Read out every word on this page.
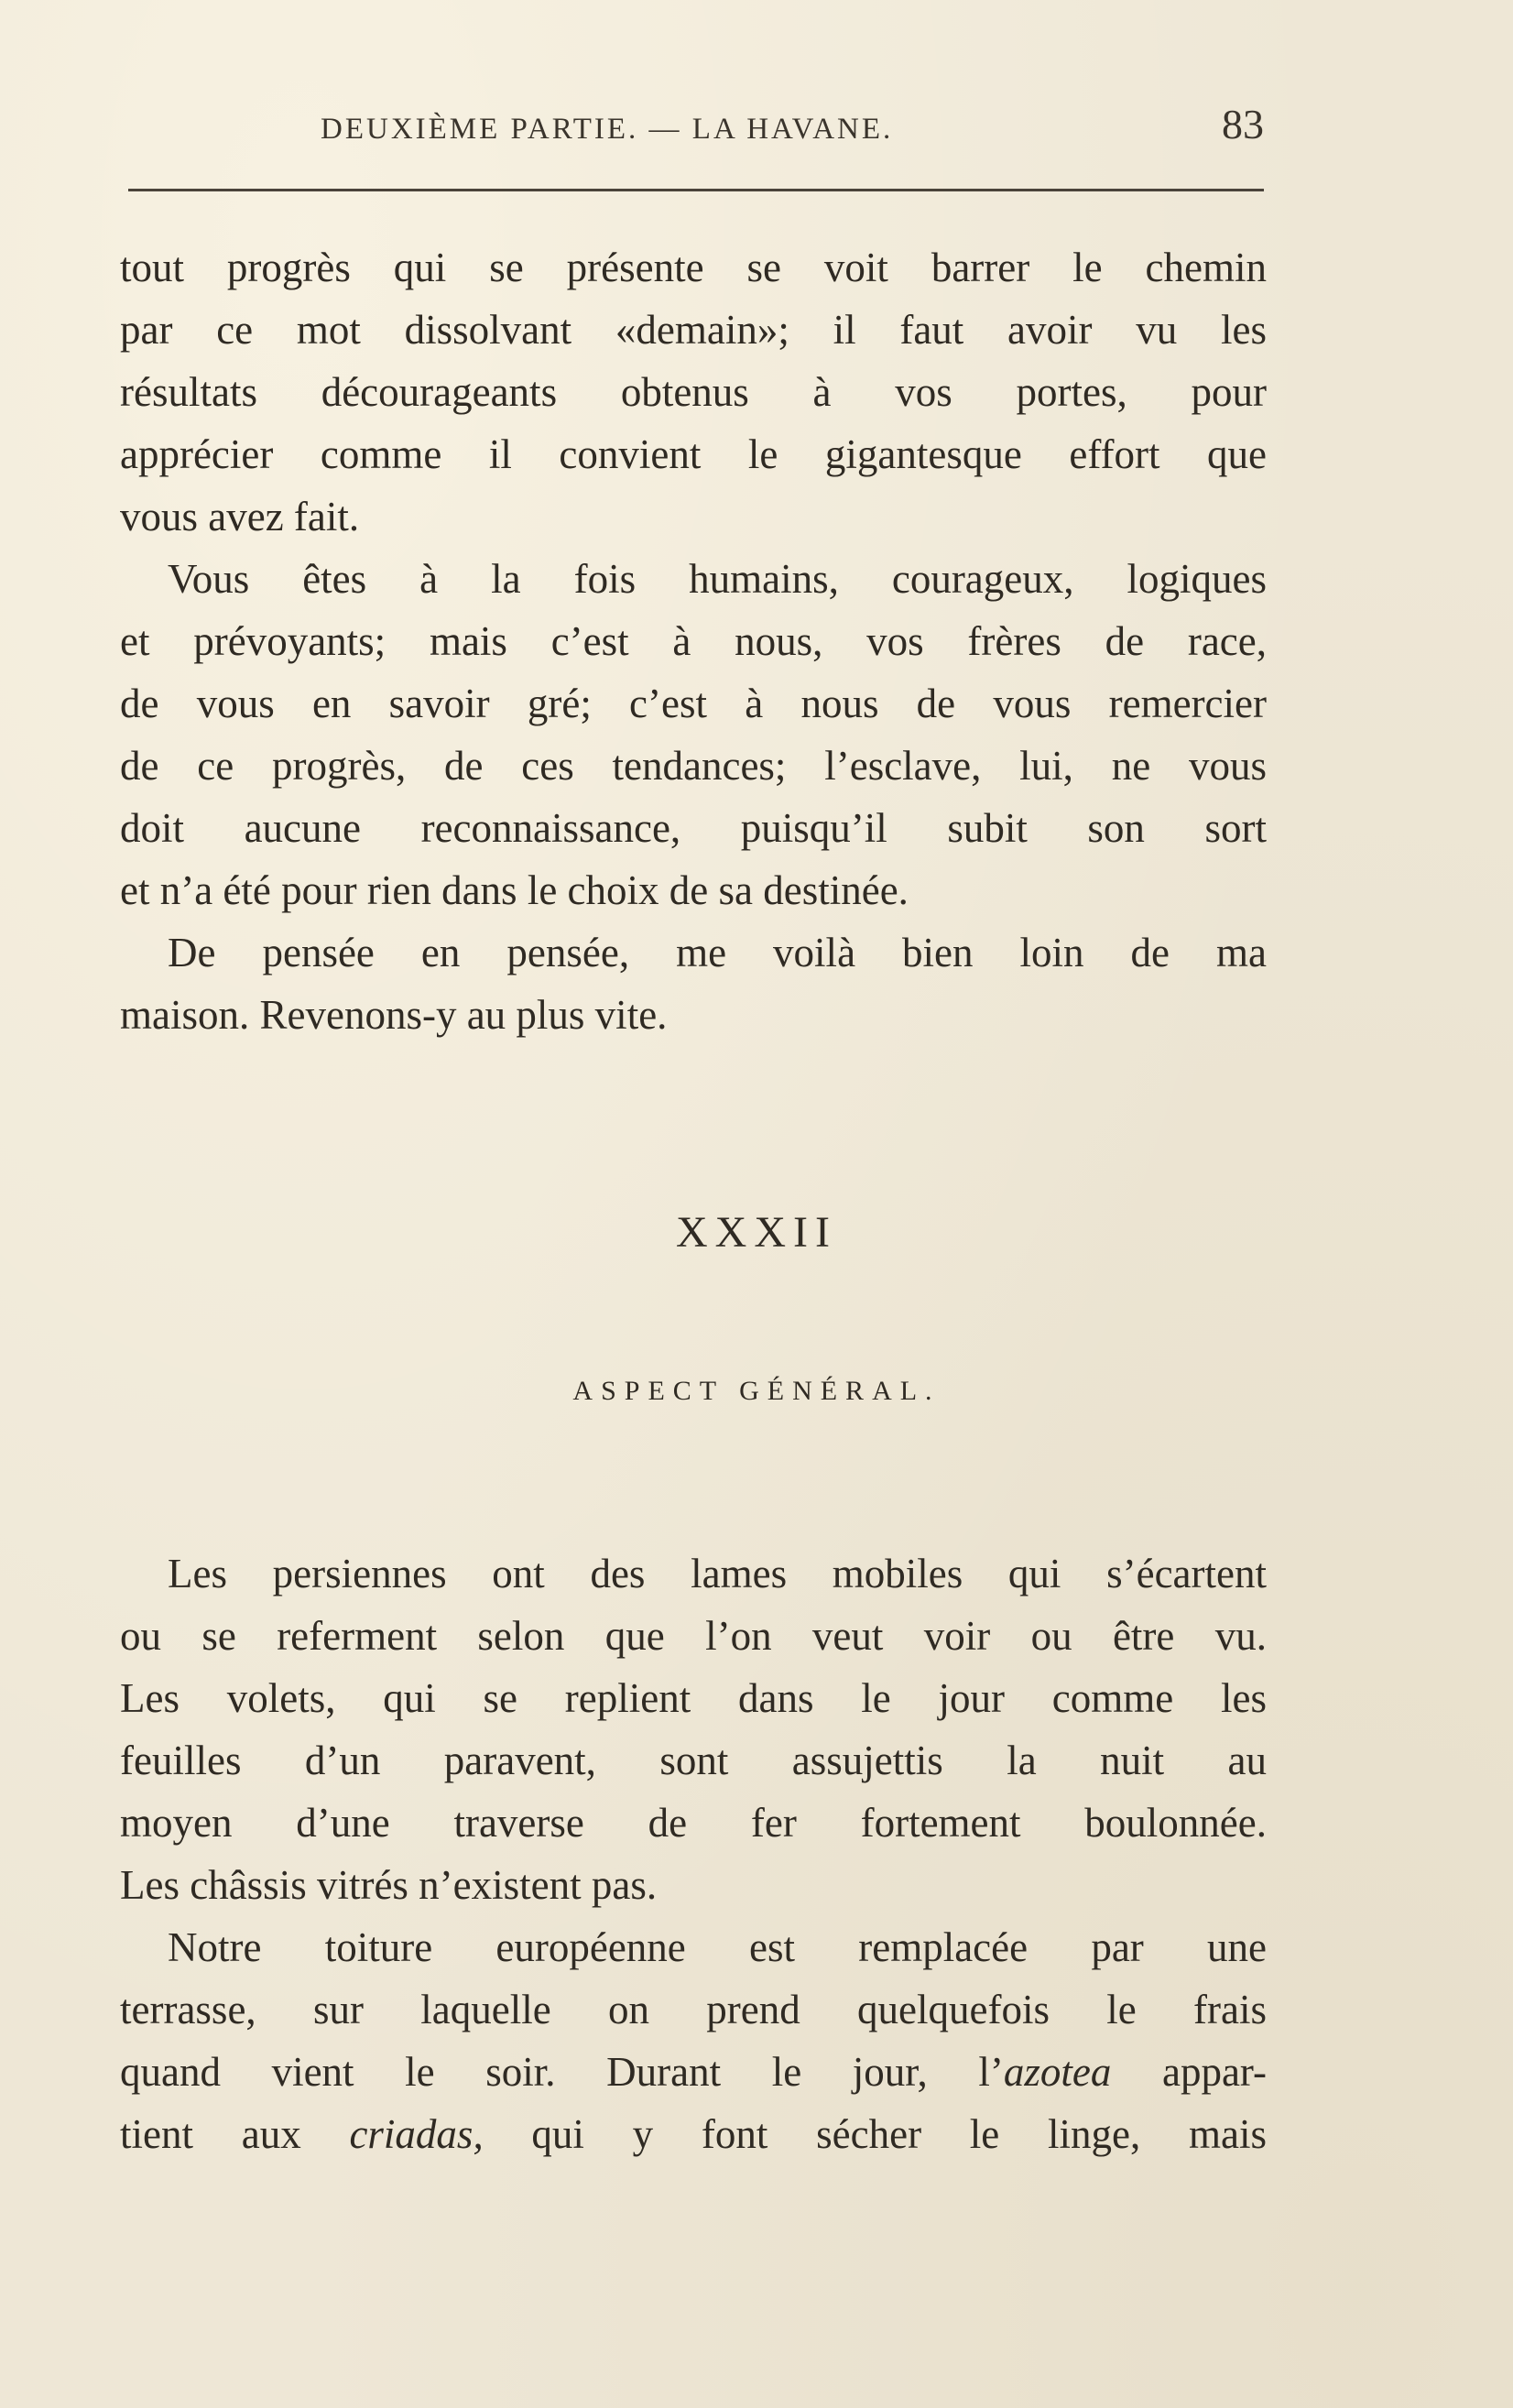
DEUXIÈME PARTIE. — LA HAVANE.	83
tout progrès qui se présente se voit barrer le chemin
par ce mot dissolvant «demain»; il faut avoir vu les
résultats décourageants obtenus à vos portes, pour
apprécier comme il convient le gigantesque effort que
vous avez fait.
Vous êtes à la fois humains, courageux, logiques
et prévoyants; mais c’est à nous, vos frères de race,
de vous en savoir gré; c’est à nous de vous remercier
de ce progrès, de ces tendances; l’esclave, lui, ne vous
doit aucune reconnaissance, puisqu’il subit son sort
et n’a été pour rien dans le choix de sa destinée.
De pensée en pensée, me voilà bien loin de ma
maison. Revenons-y au plus vite.
XXXII
ASPECT GÉNÉRAL.
Les persiennes ont des lames mobiles qui s’écartent
ou se referment selon que l’on veut voir ou être vu.
Les volets, qui se replient dans le jour comme les
feuilles d’un paravent, sont assujettis la nuit au
moyen d’une traverse de fer fortement boulonnée.
Les châssis vitrés n’existent pas.
Notre toiture européenne est remplacée par une
terrasse, sur laquelle on prend quelquefois le frais
quand vient le soir. Durant le jour, l’azotea appar-
tient aux criadas, qui y font sécher le linge, mais
